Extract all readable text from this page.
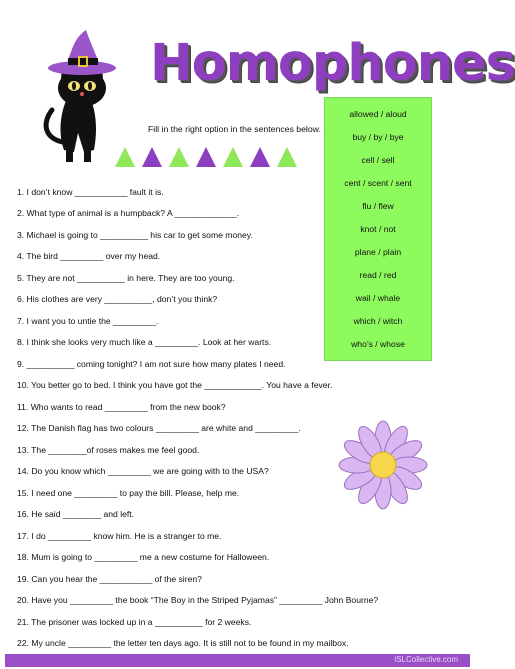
Homophones
Fill in the right option in the sentences below.
allowed / aloud
buy / by / bye
cell / sell
cent / scent / sent
flu / flew
knot / not
plane / plain
read / red
wail / whale
which / witch
who’s / whose
1. I don’t know ___________ fault it is.
2. What type of animal is a humpback? A _____________.
3. Michael is going to __________ his car to get some money.
4. The bird _________ over my head.
5. They are not __________ in here. They are too young.
6. His clothes are very __________, don’t you think?
7. I want you to untie the _________.
8. I think she looks very much like a _________. Look at her warts.
9. __________ coming tonight? I am not sure how many plates I need.
10. You better go to bed. I think you have got the ____________. You have a fever.
11. Who wants to read _________ from the new book?
12. The Danish flag has two colours _________ are white and _________.
13. The ________of roses makes me feel good.
14. Do you know which _________ we are going with to the USA?
15. I need one _________ to pay the bill. Please, help me.
16. He said ________ and left.
17. I do _________ know him. He is a stranger to me.
18. Mum is going to _________ me a new costume for Halloween.
19. Can you hear the ___________ of the siren?
20. Have you _________ the book “The Boy in the Striped Pyjamas” _________ John Bourne?
21. The prisoner was locked up in a __________ for 2 weeks.
22. My uncle _________ the letter ten days ago. It is still not to be found in my mailbox.
iSLCollective.com
